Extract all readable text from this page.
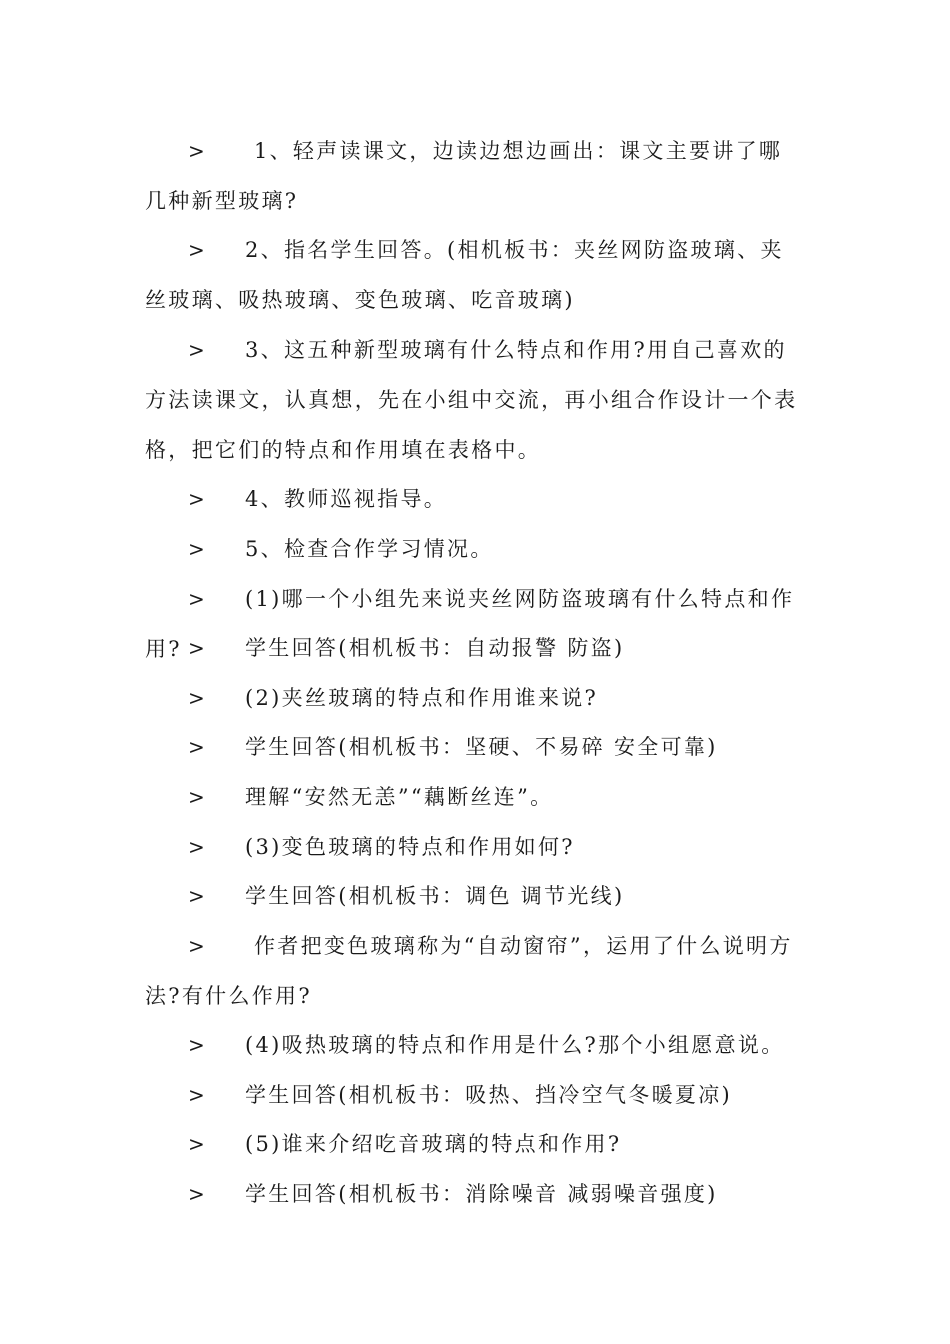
> 1、轻声读课文，边读边想边画出：课文主要讲了哪几种新型玻璃?
> 2、指名学生回答。(相机板书：夹丝网防盗玻璃、夹丝玻璃、吸热玻璃、变色玻璃、吃音玻璃)
> 3、这五种新型玻璃有什么特点和作用?用自己喜欢的方法读课文，认真想，先在小组中交流，再小组合作设计一个表格，把它们的特点和作用填在表格中。
> 4、教师巡视指导。
> 5、检查合作学习情况。
> (1)哪一个小组先来说夹丝网防盗玻璃有什么特点和作用? > 学生回答(相机板书：自动报警 防盗)
> (2)夹丝玻璃的特点和作用谁来说?
> 学生回答(相机板书：坚硬、不易碎 安全可靠)
> 理解“安然无恙”“藕断丝连”。
> (3)变色玻璃的特点和作用如何?
> 学生回答(相机板书：调色 调节光线)
> 作者把变色玻璃称为“自动窗帘”，运用了什么说明方法?有什么作用?
> (4)吸热玻璃的特点和作用是什么?那个小组愿意说。
> 学生回答(相机板书：吸热、挡冷空气冬暖夏凉)
> (5)谁来介绍吃音玻璃的特点和作用?
> 学生回答(相机板书：消除噪音 减弱噪音强度)
